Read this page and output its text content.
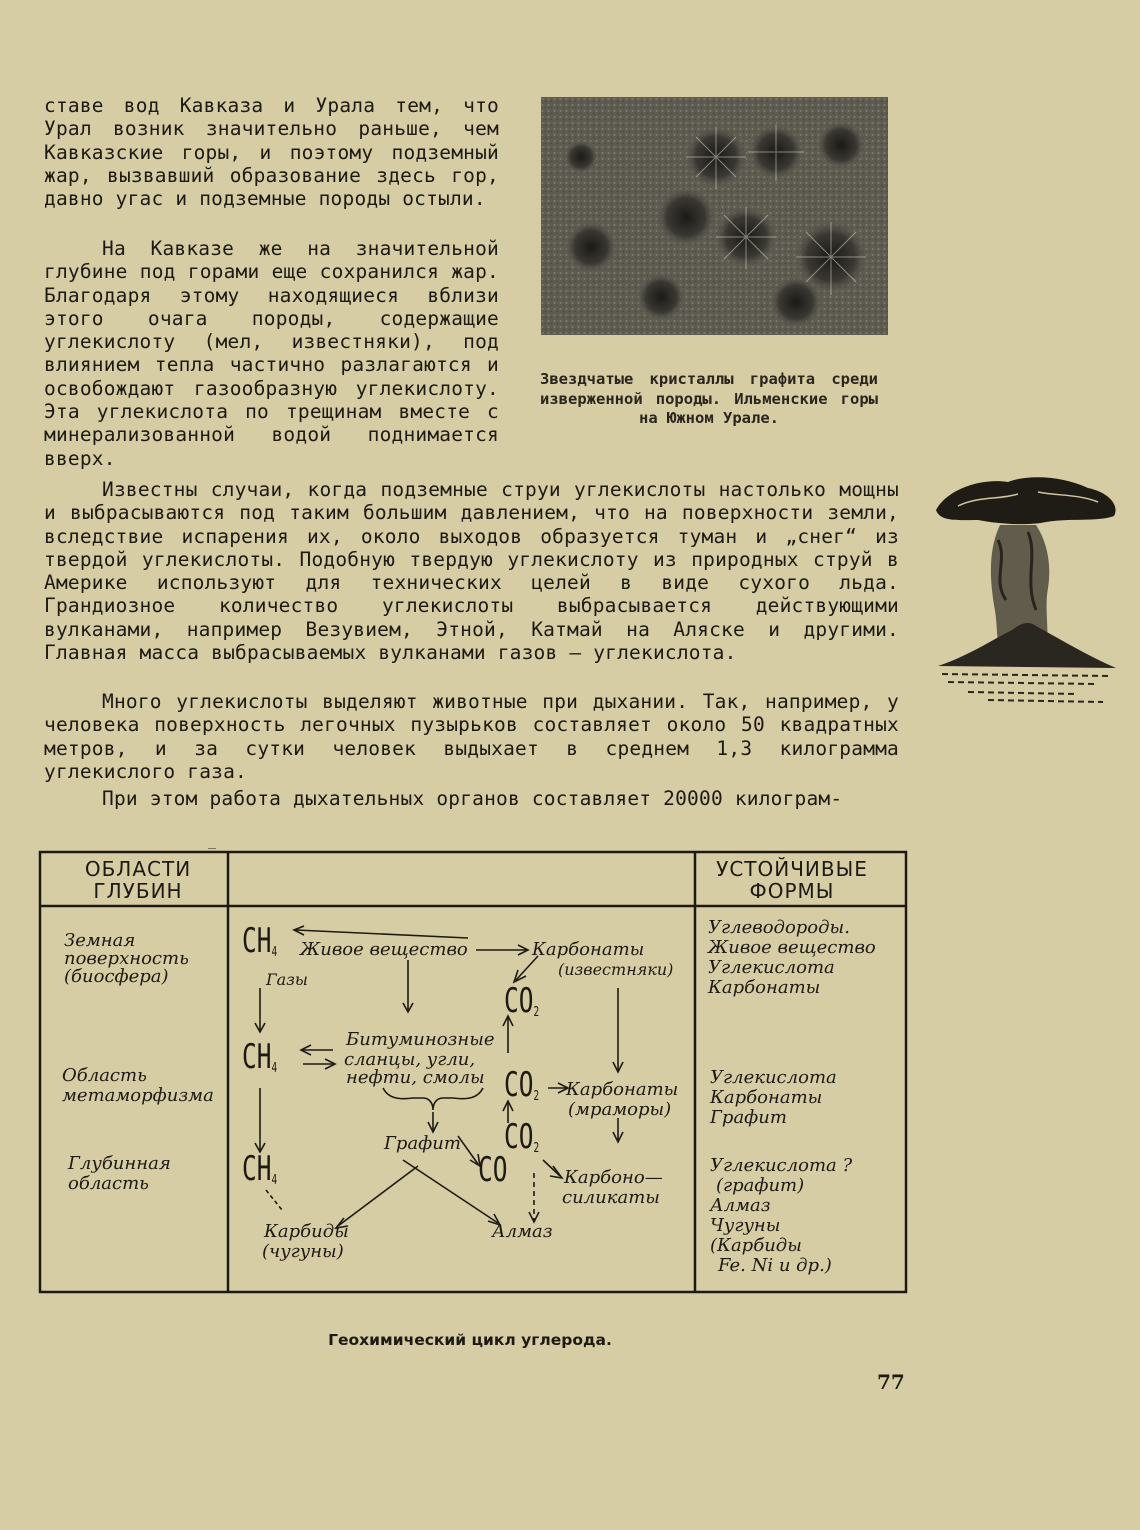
ставе вод Кавказа и Урала тем, что Урал возник значительно раньше, чем Кавказские горы, и поэтому подземный жар, вызвавший образование здесь гор, давно угас и подземные породы остыли.

На Кавказе же на значительной глубине под горами еще сохранился жар. Благодаря этому находящиеся вблизи этого очага породы, содержащие углекислоту (мел, известняки), под влиянием тепла частично разлагаются и освобождают газообразную углекислоту. Эта углекислота по трещинам вместе с минерализованной водой поднимается вверх.

Звездчатые кристаллы графита среди изверженной породы. Ильменские горы на Южном Урале.

Известны случаи, когда подземные струи углекислоты настолько мощны и выбрасываются под таким большим давлением, что на поверхности земли, вследствие испарения их, около выходов образуется туман и „снег“ из твердой углекислоты. Подобную твердую углекислоту из природных струй в Америке используют для технических целей в виде сухого льда. Грандиозное количество углекислоты выбрасывается действующими вулканами, например Везувием, Этной, Катмай на Аляске и другими. Главная масса выбрасываемых вулканами газов — углекислота.

Много углекислоты выделяют животные при дыхании. Так, например, у человека поверхность легочных пузырьков составляет около 50 квадратных метров, и за сутки человек выдыхает в среднем 1,3 килограмма углекислого газа.

При этом работа дыхательных органов составляет 20000 килограм-

ОБЛАСТИ ГЛУБИН
УСТОЙЧИВЫЕ ФОРМЫ
Земная поверхность (биосфера)
Область метаморфизма
Глубинная область
Углеводороды.
Живое вещество
Углекислота
Карбонаты
Углекислота
Карбонаты
Графит
Углекислота ?
(графит)
Алмаз
Чугуны
(Карбиды
Fe. Ni и др.)
$CH_4$
$CH_4$
$CH_4$
$CO_2$
$CO_2$
$CO_2$
CO
Живое вещество
Газы
Карбонаты
(известняки)
Битуминозные
сланцы, угли,
нефти, смолы
Карбонаты
(мраморы)
Графит
Карбоно—
силикаты
Карбиды
(чугуны)
Алмаз
Геохимический цикл углерода.
77
